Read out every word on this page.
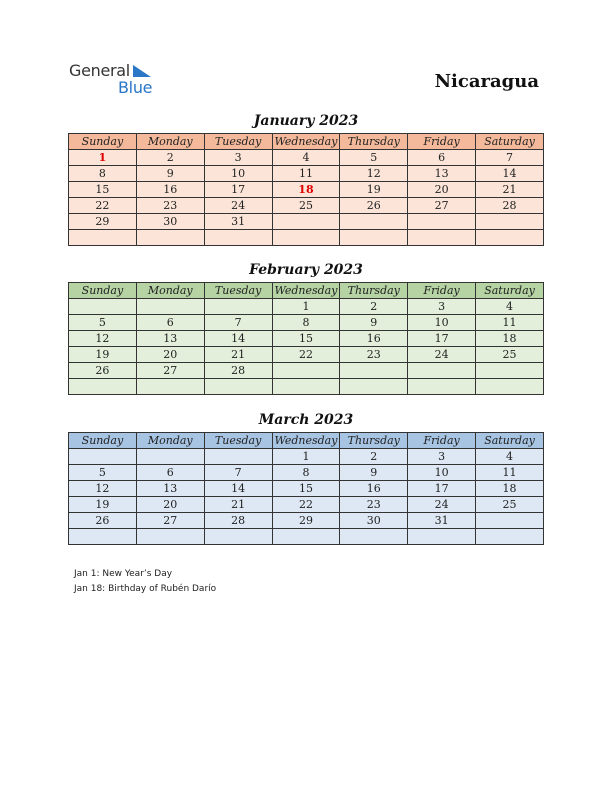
General
Blue	Nicaragua
January 2023
Sunday	Monday	Tuesday	Wednesday	Thursday	Friday	Saturday
1	2	3	4	5	6	7
8	9	10	11	12	13	14
15	16	17	18	19	20	21
22	23	24	25	26	27	28
29	30	31				

February 2023
Sunday	Monday	Tuesday	Wednesday	Thursday	Friday	Saturday
			1	2	3	4
5	6	7	8	9	10	11
12	13	14	15	16	17	18
19	20	21	22	23	24	25
26	27	28				

March 2023
Sunday	Monday	Tuesday	Wednesday	Thursday	Friday	Saturday
			1	2	3	4
5	6	7	8	9	10	11
12	13	14	15	16	17	18
19	20	21	22	23	24	25
26	27	28	29	30	31	

Jan 1: New Year’s Day
Jan 18: Birthday of Rubén Darío
